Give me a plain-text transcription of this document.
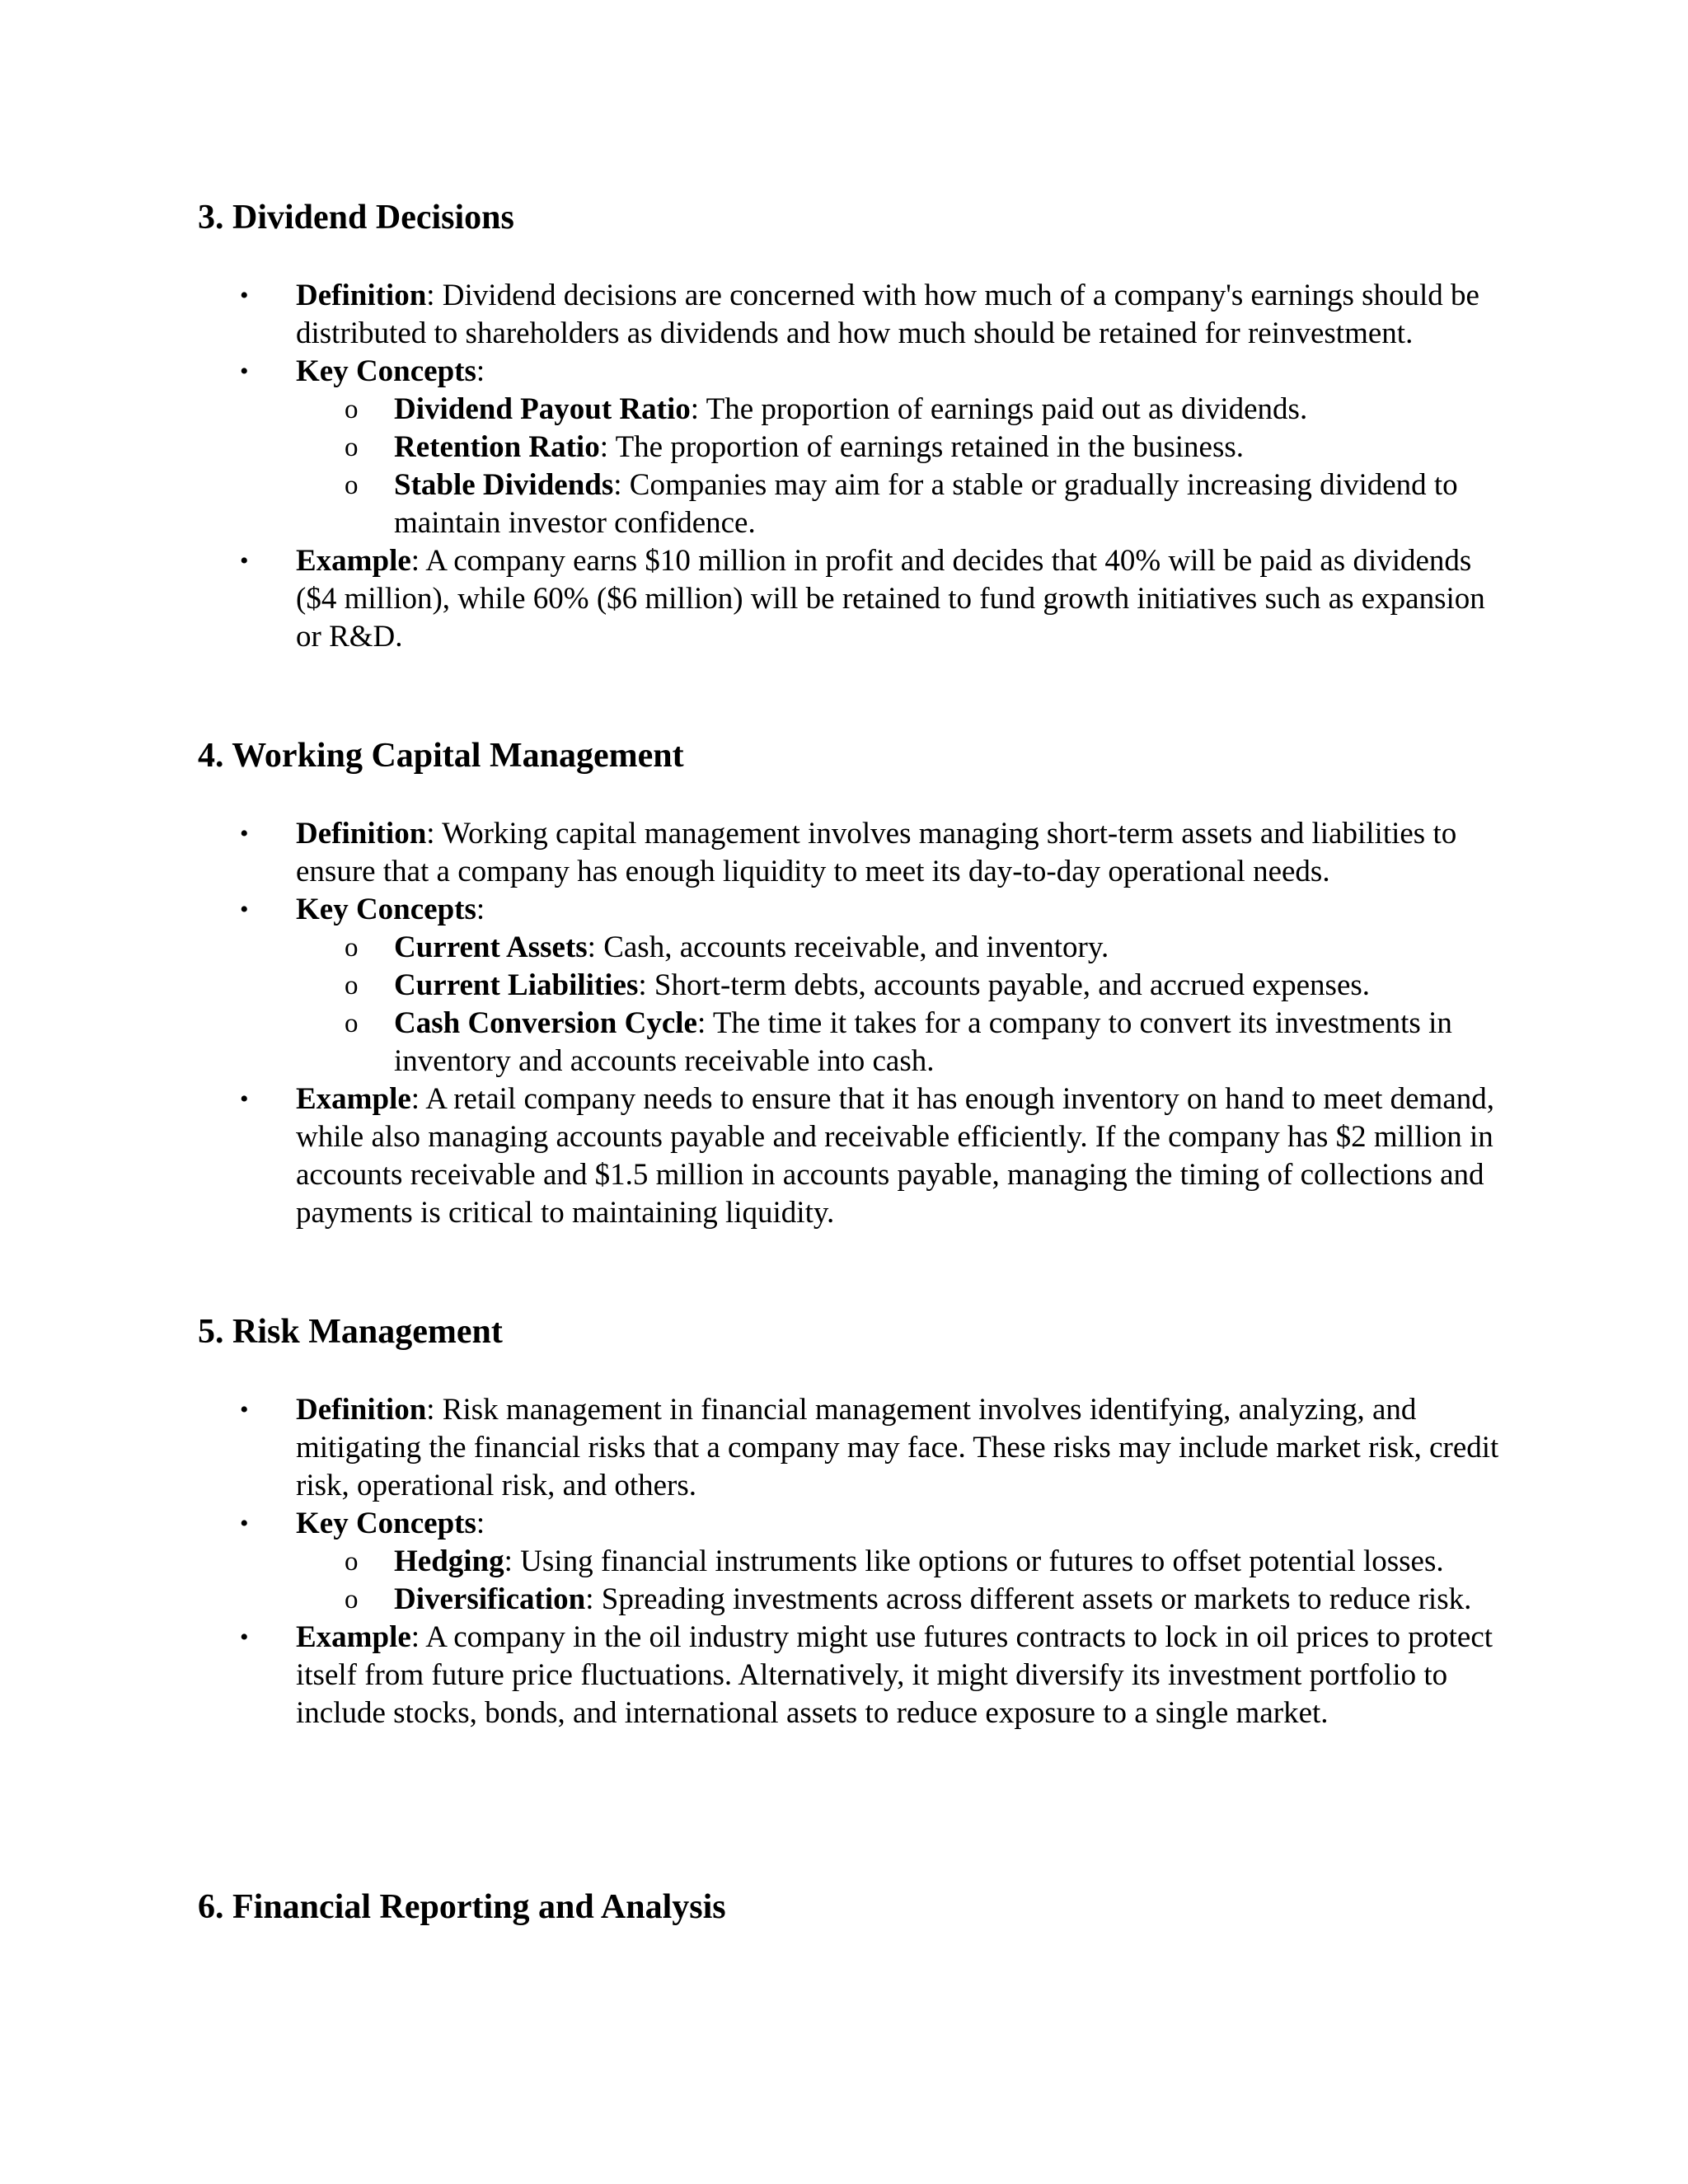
3. Dividend Decisions
• Definition: Dividend decisions are concerned with how much of a company's earnings should be distributed to shareholders as dividends and how much should be retained for reinvestment.
• Key Concepts:
o Dividend Payout Ratio: The proportion of earnings paid out as dividends.
o Retention Ratio: The proportion of earnings retained in the business.
o Stable Dividends: Companies may aim for a stable or gradually increasing dividend to maintain investor confidence.
• Example: A company earns $10 million in profit and decides that 40% will be paid as dividends ($4 million), while 60% ($6 million) will be retained to fund growth initiatives such as expansion or R&D.
4. Working Capital Management
• Definition: Working capital management involves managing short-term assets and liabilities to ensure that a company has enough liquidity to meet its day-to-day operational needs.
• Key Concepts:
o Current Assets: Cash, accounts receivable, and inventory.
o Current Liabilities: Short-term debts, accounts payable, and accrued expenses.
o Cash Conversion Cycle: The time it takes for a company to convert its investments in inventory and accounts receivable into cash.
• Example: A retail company needs to ensure that it has enough inventory on hand to meet demand, while also managing accounts payable and receivable efficiently. If the company has $2 million in accounts receivable and $1.5 million in accounts payable, managing the timing of collections and payments is critical to maintaining liquidity.
5. Risk Management
• Definition: Risk management in financial management involves identifying, analyzing, and mitigating the financial risks that a company may face. These risks may include market risk, credit risk, operational risk, and others.
• Key Concepts:
o Hedging: Using financial instruments like options or futures to offset potential losses.
o Diversification: Spreading investments across different assets or markets to reduce risk.
• Example: A company in the oil industry might use futures contracts to lock in oil prices to protect itself from future price fluctuations. Alternatively, it might diversify its investment portfolio to include stocks, bonds, and international assets to reduce exposure to a single market.
6. Financial Reporting and Analysis
